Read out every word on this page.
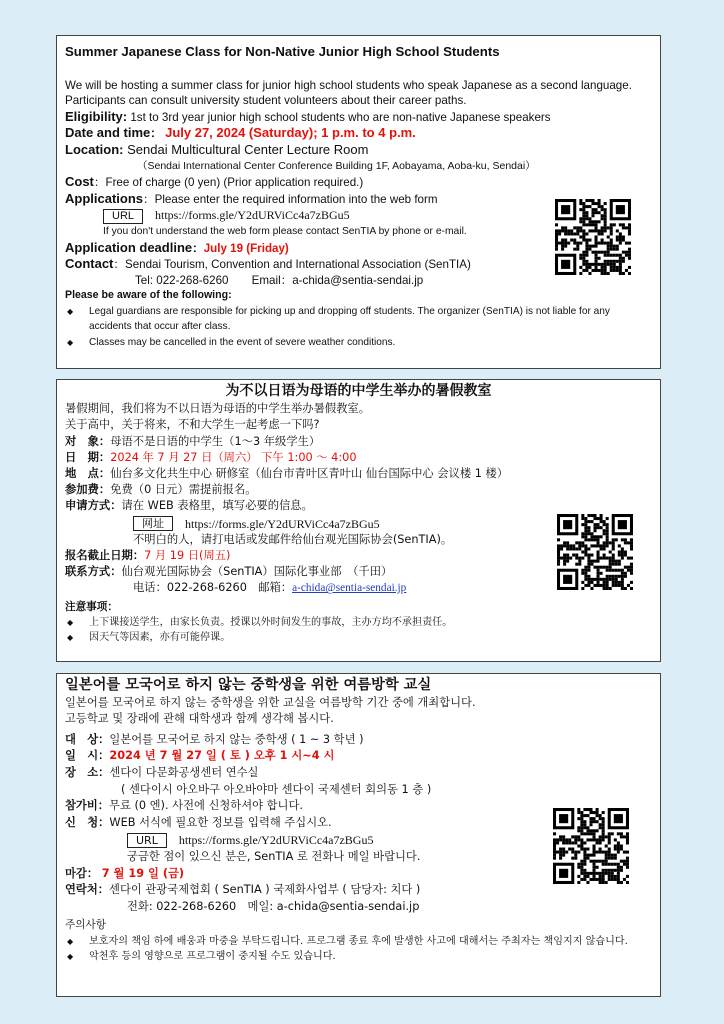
Summer Japanese Class for Non-Native Junior High School Students
We will be hosting a summer class for junior high school students who speak Japanese as a second language. Participants can consult university student volunteers about their career paths.
Eligibility: 1st to 3rd year junior high school students who are non-native Japanese speakers
Date and time： July 27, 2024 (Saturday); 1 p.m. to 4 p.m.
Location: Sendai Multicultural Center Lecture Room
（Sendai International Center Conference Building 1F, Aobayama, Aoba-ku, Sendai）
Cost：Free of charge (0 yen) (Prior application required.)
Applications：Please enter the required information into the web form
URL	https://forms.gle/Y2dURViCc4a7zBGu5
If you don't understand the web form please contact SenTIA by phone or e-mail.
Application deadline：July 19 (Friday)
Contact：Sendai Tourism, Convention and International Association (SenTIA)
Tel: 022-268-6260　　Email：a-chida@sentia-sendai.jp
Please be aware of the following:
◆ Legal guardians are responsible for picking up and dropping off students. The organizer (SenTIA) is not liable for any accidents that occur after class.
◆ Classes may be cancelled in the event of severe weather conditions.
为不以日语为母语的中学生举办的暑假教室
暑假期间，我们将为不以日语为母语的中学生举办暑假教室。
关于高中，关于将来，不和大学生一起考虑一下吗?
对　象：母语不是日语的中学生（1～3 年级学生）
日　期：2024 年 7 月 27 日（周六） 下午 1:00 ～ 4:00
地　点：仙台多文化共生中心 研修室（仙台市青叶区青叶山 仙台国际中心 会议楼 1 楼）
参加费：免费（0 日元）需提前报名。
申请方式：请在 WEB 表格里，填写必要的信息。
网址	https://forms.gle/Y2dURViCc4a7zBGu5
不明白的人，请打电话或发邮件给仙台观光国际协会(SenTIA)。
报名截止日期：7 月 19 日(周五)
联系方式：仙台观光国际协会（SenTIA）国际化事业部　（千田）
电话：022-268-6260　邮箱：a-chida@sentia-sendai.jp
注意事项：
◆ 上下课接送学生，由家长负责。授课以外时间发生的事故，主办方均不承担责任。
◆ 因天气等因素，亦有可能停课。
일본어를 모국어로 하지 않는 중학생을 위한 여름방학 교실
일본어를 모국어로 하지 않는 중학생을 위한 교실을 여름방학 기간 중에 개최합니다.
고등학교 및 장래에 관해 대학생과 함께 생각해 봅시다.
대　상：일본어를 모국어로 하지 않는 중학생 ( 1 ~ 3 학년 )
일　시：2024 년 7 월 27 일 ( 토 ) 오후 1 시~4 시
장　소：센다이 다문화공생센터 연수실
( 센다이시 아오바구 아오바야마 센다이 국제센터 회의동 1 층 )
참가비：무료 (0 엔). 사전에 신청하셔야 합니다.
신　청：WEB 서식에 필요한 정보를 입력해 주십시오.
URL	https://forms.gle/Y2dURViCc4a7zBGu5
궁금한 점이 있으신 분은, SenTIA 로 전화나 메일 바랍니다.
마감： 7 월 19 일 (금)
연락처：센다이 관광국제협회 ( SenTIA ) 국제화사업부 ( 담당자: 치다 )
전화: 022-268-6260　메일: a-chida@sentia-sendai.jp
주의사항
◆ 보호자의 책임 하에 배웅과 마중을 부탁드립니다. 프로그램 종료 후에 발생한 사고에 대해서는 주최자는 책임지지 않습니다.
◆ 악천후 등의 영향으로 프로그램이 중지될 수도 있습니다.
